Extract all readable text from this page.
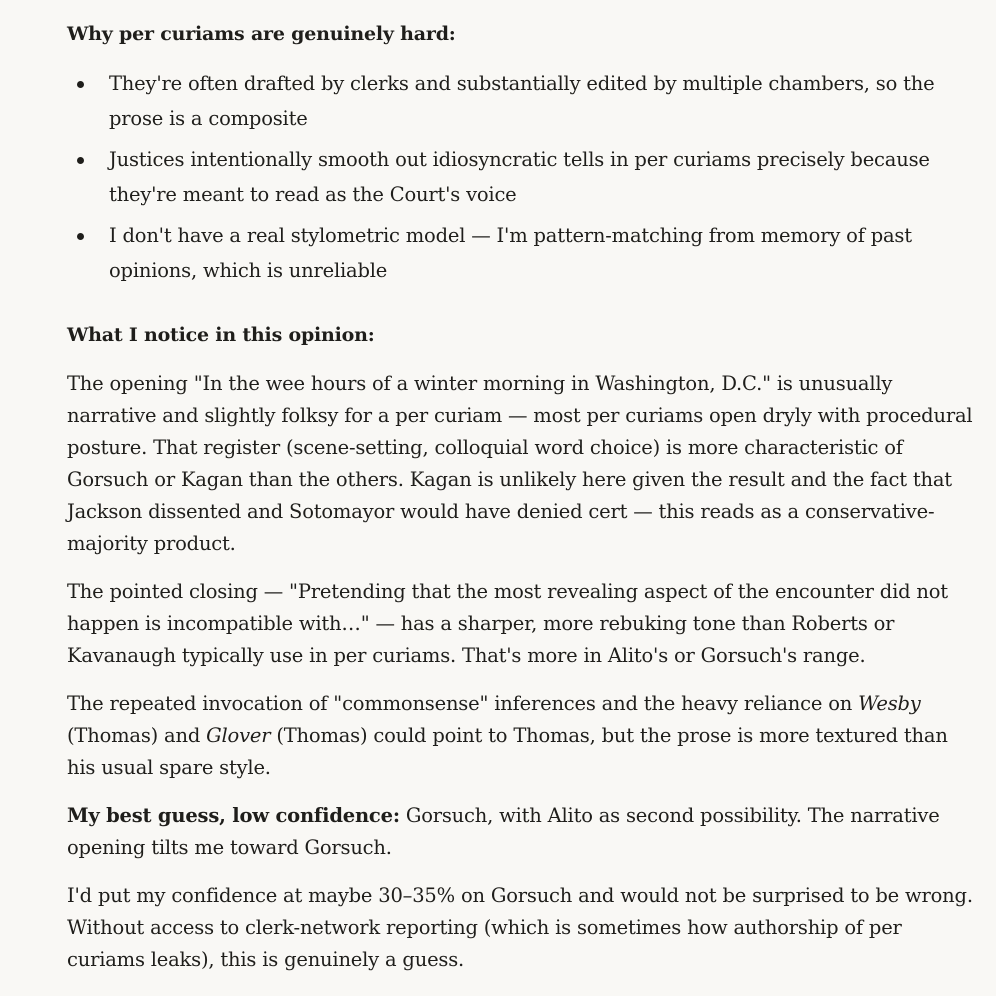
Why per curiams are genuinely hard:

They're often drafted by clerks and substantially edited by multiple chambers, so the prose is a composite
Justices intentionally smooth out idiosyncratic tells in per curiams precisely because they're meant to read as the Court's voice
I don't have a real stylometric model — I'm pattern-matching from memory of past opinions, which is unreliable

What I notice in this opinion:

The opening "In the wee hours of a winter morning in Washington, D.C." is unusually narrative and slightly folksy for a per curiam — most per curiams open dryly with procedural posture. That register (scene-setting, colloquial word choice) is more characteristic of Gorsuch or Kagan than the others. Kagan is unlikely here given the result and the fact that Jackson dissented and Sotomayor would have denied cert — this reads as a conservative-majority product.

The pointed closing — "Pretending that the most revealing aspect of the encounter did not happen is incompatible with…" — has a sharper, more rebuking tone than Roberts or Kavanaugh typically use in per curiams. That's more in Alito's or Gorsuch's range.

The repeated invocation of "commonsense" inferences and the heavy reliance on Wesby (Thomas) and Glover (Thomas) could point to Thomas, but the prose is more textured than his usual spare style.

My best guess, low confidence: Gorsuch, with Alito as second possibility. The narrative opening tilts me toward Gorsuch.

I'd put my confidence at maybe 30–35% on Gorsuch and would not be surprised to be wrong. Without access to clerk-network reporting (which is sometimes how authorship of per curiams leaks), this is genuinely a guess.
